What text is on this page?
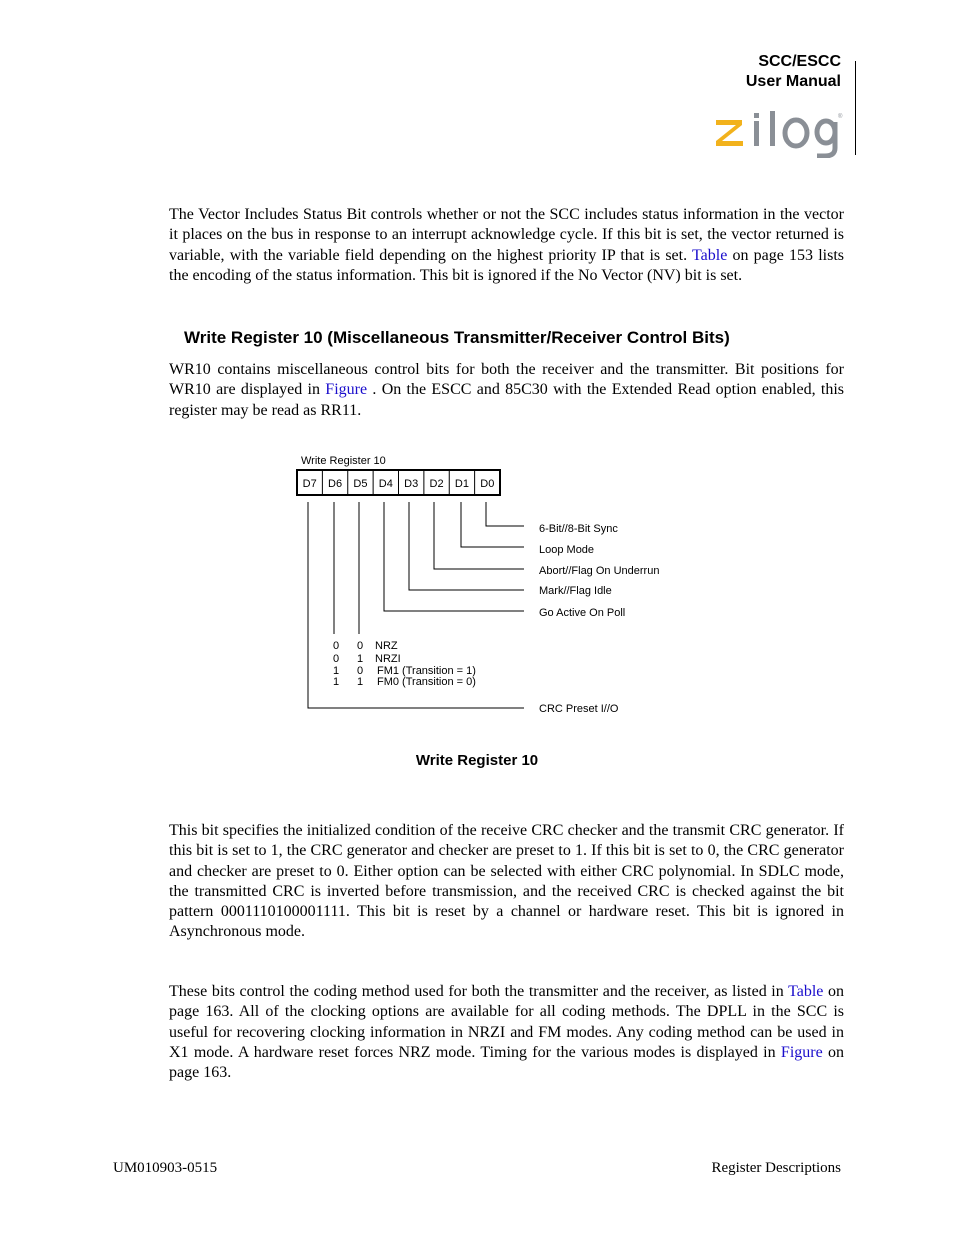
SCC/ESCC
User Manual
®

The Vector Includes Status Bit controls whether or not the SCC includes status information in the vector it places on the bus in response to an interrupt acknowledge cycle. If this bit is set, the vector returned is variable, with the variable field depending on the highest priority IP that is set. Table on page 153 lists the encoding of the status information. This bit is ignored if the No Vector (NV) bit is set.

Write Register 10 (Miscellaneous Transmitter/Receiver Control Bits)

WR10 contains miscellaneous control bits for both the receiver and the transmitter. Bit positions for WR10 are displayed in Figure . On the ESCC and 85C30 with the Extended Read option enabled, this register may be read as RR11.

Write Register 10
D7 D6 D5 D4 D3 D2 D1 D0
6-Bit//8-Bit Sync
Loop Mode
Abort//Flag On Underrun
Mark//Flag Idle
Go Active On Poll
CRC Preset I//O
0 0 NRZ
0 1 NRZI
1 0 FM1 (Transition = 1)
1 1 FM0 (Transition = 0)
Write Register 10

This bit specifies the initialized condition of the receive CRC checker and the transmit CRC generator. If this bit is set to 1, the CRC generator and checker are preset to 1. If this bit is set to 0, the CRC generator and checker are preset to 0. Either option can be selected with either CRC polynomial. In SDLC mode, the transmitted CRC is inverted before transmission, and the received CRC is checked against the bit pattern 0001110100001111. This bit is reset by a channel or hardware reset. This bit is ignored in Asynchronous mode.

These bits control the coding method used for both the transmitter and the receiver, as listed in Table on page 163. All of the clocking options are available for all coding methods. The DPLL in the SCC is useful for recovering clocking information in NRZI and FM modes. Any coding method can be used in X1 mode. A hardware reset forces NRZ mode. Timing for the various modes is displayed in Figure on page 163.

UM010903-0515	Register Descriptions
